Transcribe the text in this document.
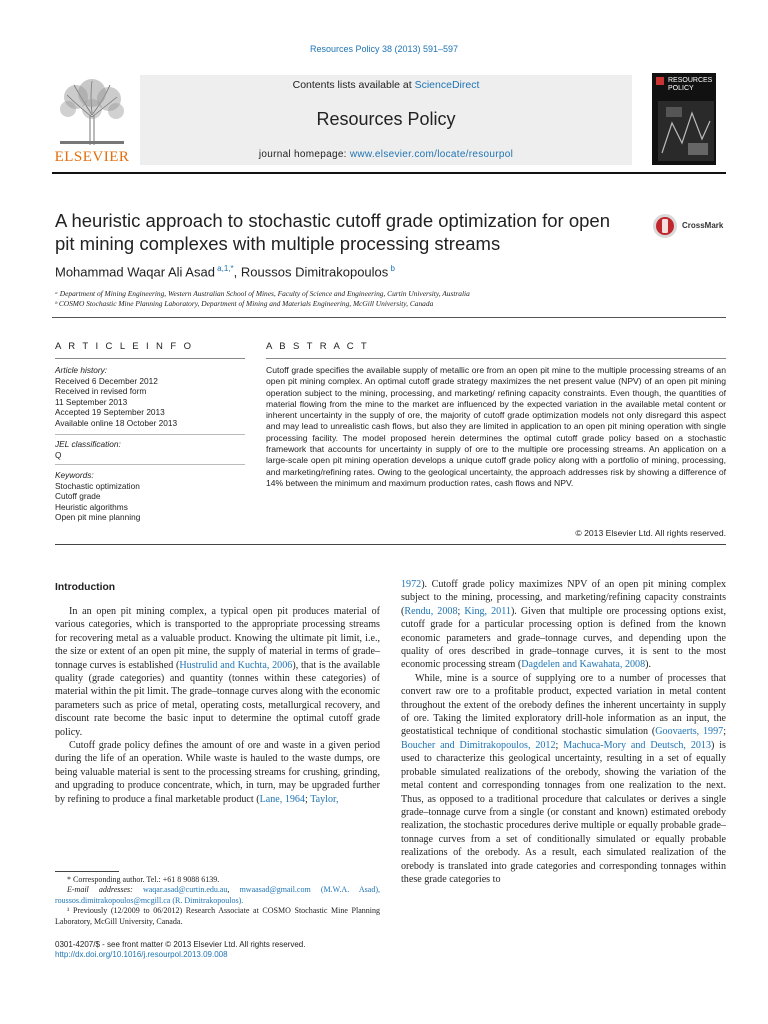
Resources Policy 38 (2013) 591–597
ELSEVIER
Contents lists available at ScienceDirect
Resources Policy
journal homepage: www.elsevier.com/locate/resourpol
RESOURCES
POLICY
A heuristic approach to stochastic cutoff grade optimization for open
pit mining complexes with multiple processing streams
CrossMark
Mohammad Waqar Ali Asad $^{a,1,*}$, Roussos Dimitrakopoulos $^b$
ᵃ Department of Mining Engineering, Western Australian School of Mines, Faculty of Science and Engineering, Curtin University, Australia
ᵇ COSMO Stochastic Mine Planning Laboratory, Department of Mining and Materials Engineering, McGill University, Canada
A R T I C L E I N F O
Article history:
Received 6 December 2012
Received in revised form
11 September 2013
Accepted 19 September 2013
Available online 18 October 2013
JEL classification:
Q
Keywords:
Stochastic optimization
Cutoff grade
Heuristic algorithms
Open pit mine planning
A B S T R A C T
Cutoff grade specifies the available supply of metallic ore from an open pit mine to the multiple processing streams of an open pit mining complex. An optimal cutoff grade strategy maximizes the net present value (NPV) of an open pit mining operation subject to the mining, processing, and marketing/ refining capacity constraints. Even though, the quantities of material flowing from the mine to the market are influenced by the expected variation in the available metal content or inherent uncertainty in the supply of ore, the majority of cutoff grade optimization models not only disregard this aspect and may lead to unrealistic cash flows, but also they are limited in application to an open pit mining operation with single processing facility. The model proposed herein determines the optimal cutoff grade policy based on a stochastic framework that accounts for uncertainty in supply of ore to the multiple ore processing streams. An application on a large-scale open pit mining operation develops a unique cutoff grade policy along with a portfolio of mining, processing, and marketing/refining rates. Owing to the geological uncertainty, the approach addresses risk by showing a difference of 14% between the minimum and maximum production rates, cash flows and NPV.
© 2013 Elsevier Ltd. All rights reserved.
Introduction

In an open pit mining complex, a typical open pit produces material of various categories, which is transported to the appropriate processing streams for recovering metal as a valuable product. Knowing the ultimate pit limit, i.e., the size or extent of an open pit mine, the supply of material in terms of grade–tonnage curves is established (Hustrulid and Kuchta, 2006), that is the available quality (grade categories) and quantity (tonnes within these categories) of material within the pit limit. The grade–tonnage curves along with the economic parameters such as price of metal, operating costs, metallurgical recovery, and discount rate become the basic input to determine the optimal cutoff grade policy.

Cutoff grade policy defines the amount of ore and waste in a given period during the life of an operation. While waste is hauled to the waste dumps, ore being valuable material is sent to the processing streams for crushing, grinding, and upgrading to produce concentrate, which, in turn, may be upgraded further by refining to produce a final marketable product (Lane, 1964; Taylor,

1972). Cutoff grade policy maximizes NPV of an open pit mining complex subject to the mining, processing, and marketing/refining capacity constraints (Rendu, 2008; King, 2011). Given that multiple ore processing options exist, cutoff grade for a particular processing option is defined from the known economic parameters and grade–tonnage curves, and depending upon the quality of ores described in grade–tonnage curves, it is sent to the most economic processing stream (Dagdelen and Kawahata, 2008).

While, mine is a source of supplying ore to a number of processes that convert raw ore to a profitable product, expected variation in metal content throughout the extent of the orebody defines the inherent uncertainty in supply of ore. Taking the limited exploratory drill-hole information as an input, the geostatistical technique of conditional stochastic simulation (Goovaerts, 1997; Boucher and Dimitrakopoulos, 2012; Machuca-Mory and Deutsch, 2013) is used to characterize this geological uncertainty, resulting in a set of equally probable simulated realizations of the orebody, showing the variation of the metal content and corresponding tonnages from one realization to the next. Thus, as opposed to a traditional procedure that calculates or derives a single grade–tonnage curve from a single (or constant and known) estimated orebody realization, the stochastic procedures derive multiple or equally probable grade–tonnage curves from a set of conditionally simulated or equally probable realizations of the orebody. As a result, each simulated realization of the orebody is translated into grade categories and corresponding tonnages within these grade categories to

* Corresponding author. Tel.: +61 8 9088 6139.
E-mail addresses: waqar.asad@curtin.edu.au, mwaasad@gmail.com (M.W.A. Asad), roussos.dimitrakopoulos@mcgill.ca (R. Dimitrakopoulos).
¹ Previously (12/2009 to 06/2012) Research Associate at COSMO Stochastic Mine Planning Laboratory, McGill University, Canada.
0301-4207/$ - see front matter © 2013 Elsevier Ltd. All rights reserved.
http://dx.doi.org/10.1016/j.resourpol.2013.09.008
